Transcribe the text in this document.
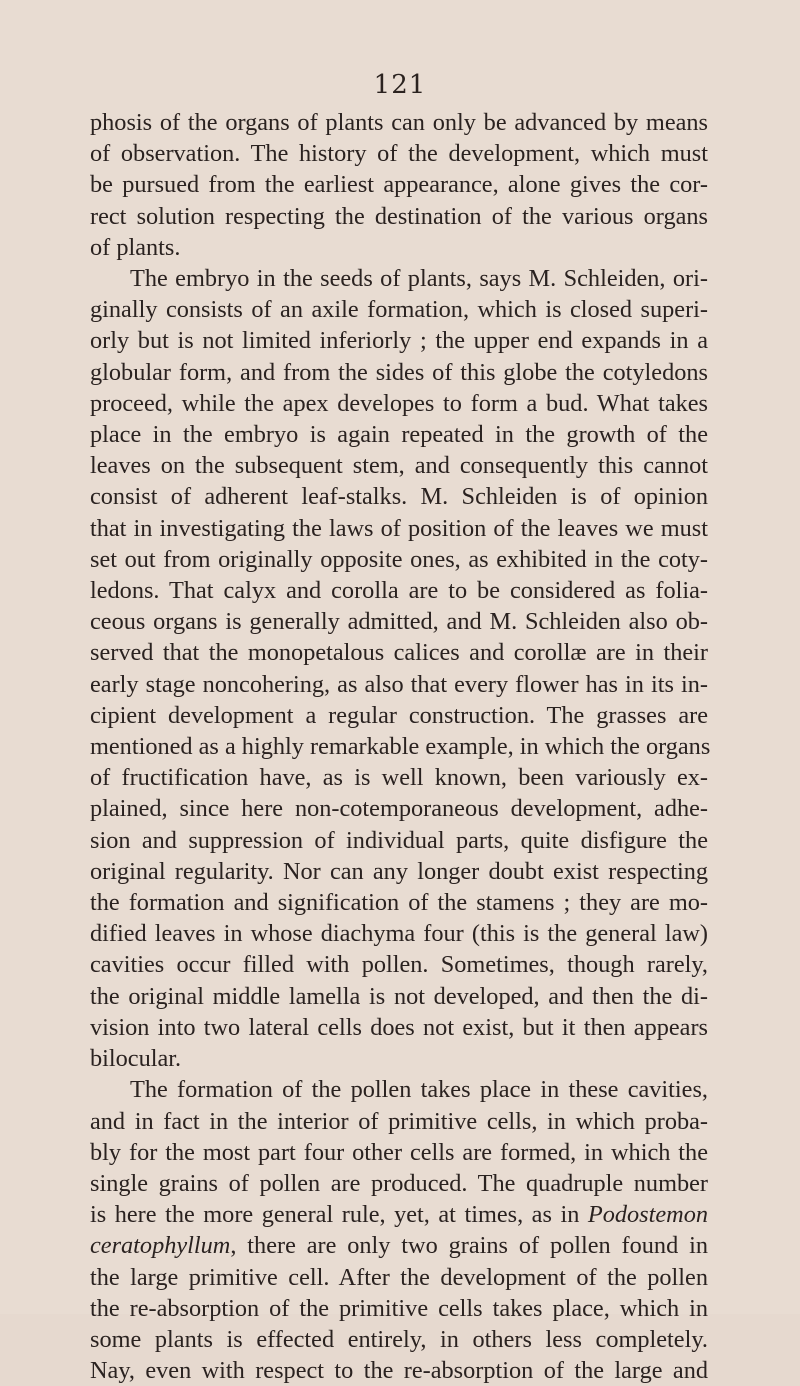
121
phosis of the organs of plants can only be advanced by means
of observation. The history of the development, which must
be pursued from the earliest appearance, alone gives the cor-
rect solution respecting the destination of the various organs
of plants.
The embryo in the seeds of plants, says M. Schleiden, ori-
ginally consists of an axile formation, which is closed superi-
orly but is not limited inferiorly ; the upper end expands in a
globular form, and from the sides of this globe the cotyledons
proceed, while the apex developes to form a bud. What takes
place in the embryo is again repeated in the growth of the
leaves on the subsequent stem, and consequently this cannot
consist of adherent leaf-stalks. M. Schleiden is of opinion
that in investigating the laws of position of the leaves we must
set out from originally opposite ones, as exhibited in the coty-
ledons. That calyx and corolla are to be considered as folia-
ceous organs is generally admitted, and M. Schleiden also ob-
served that the monopetalous calices and corollæ are in their
early stage noncohering, as also that every flower has in its in-
cipient development a regular construction. The grasses are
mentioned as a highly remarkable example, in which the organs
of fructification have, as is well known, been variously ex-
plained, since here non-cotemporaneous development, adhe-
sion and suppression of individual parts, quite disfigure the
original regularity. Nor can any longer doubt exist respecting
the formation and signification of the stamens ; they are mo-
dified leaves in whose diachyma four (this is the general law)
cavities occur filled with pollen. Sometimes, though rarely,
the original middle lamella is not developed, and then the di-
vision into two lateral cells does not exist, but it then appears
bilocular.
The formation of the pollen takes place in these cavities,
and in fact in the interior of primitive cells, in which proba-
bly for the most part four other cells are formed, in which the
single grains of pollen are produced. The quadruple number
is here the more general rule, yet, at times, as in Podostemon
ceratophyllum, there are only two grains of pollen found in
the large primitive cell. After the development of the pollen
the re-absorption of the primitive cells takes place, which in
some plants is effected entirely, in others less completely.
Nay, even with respect to the re-absorption of the large and
